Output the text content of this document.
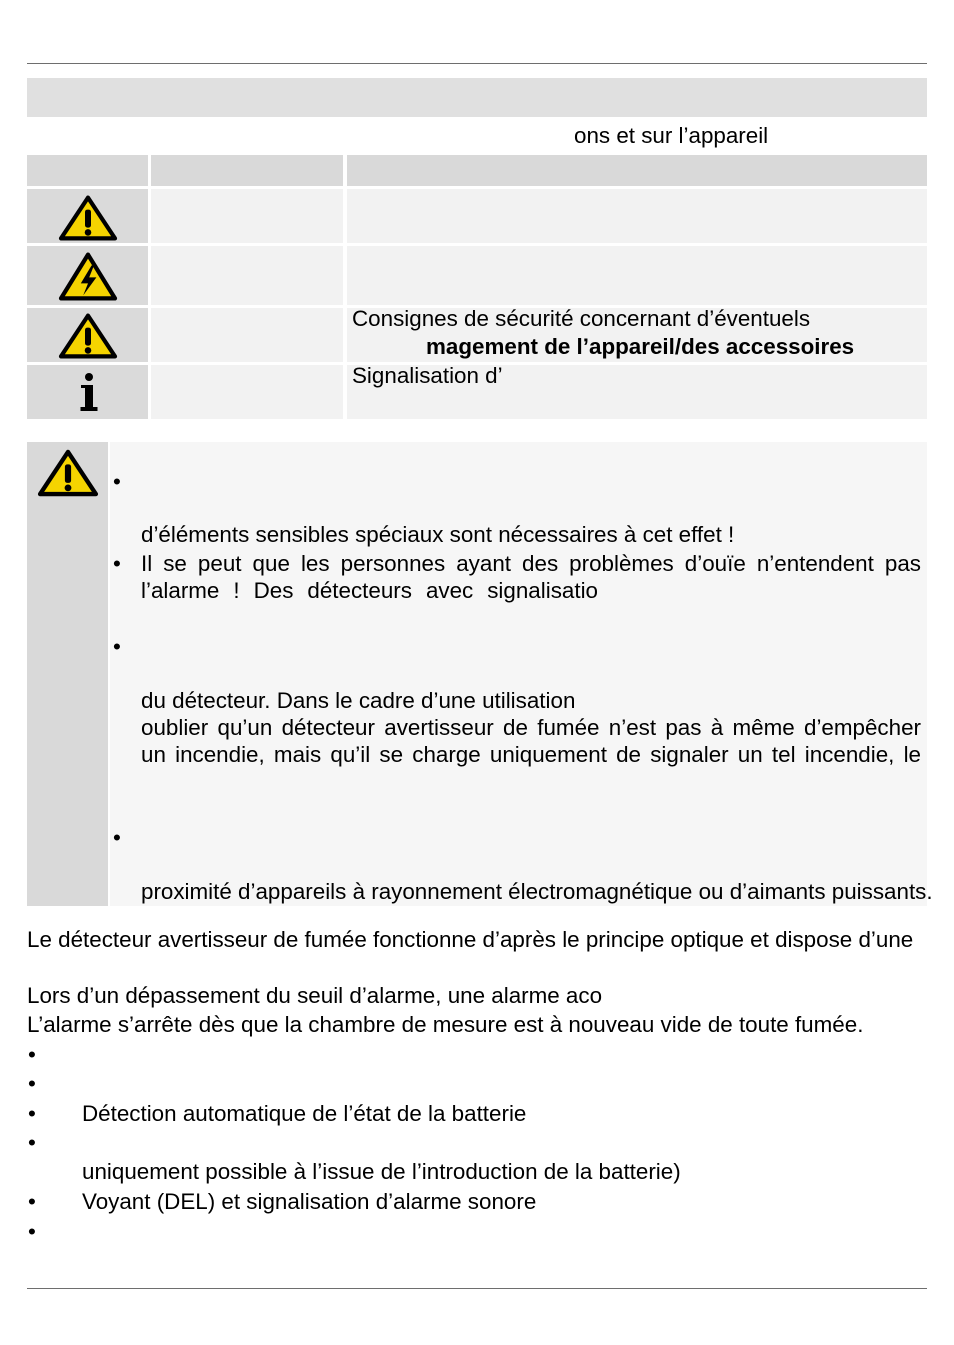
ons et sur l’appareil
Consignes de sécurité concernant d’éventuels
magement de l’appareil/des accessoires
Signalisation d’
•
d’éléments sensibles spéciaux sont nécessaires à cet effet !
• Il se peut que les personnes ayant des problèmes d’ouïe n’entendent pas
l’alarme ! Des détecteurs avec signalisatio
•
du détecteur. Dans le cadre d’une utilisation
oublier qu’un détecteur avertisseur de fumée n’est pas à même d’empêcher
un incendie, mais qu’il se charge uniquement de signaler un tel incendie, le
•
proximité d’appareils à rayonnement électromagnétique ou d’aimants puissants.
Le détecteur avertisseur de fumée fonctionne d’après le principe optique et dispose d’une
Lors d’un dépassement du seuil d’alarme, une alarme aco
L’alarme s’arrête dès que la chambre de mesure est à nouveau vide de toute fumée.
•
•
• Détection automatique de l’état de la batterie
•
uniquement possible à l’issue de l’introduction de la batterie)
• Voyant (DEL) et signalisation d’alarme sonore
•
